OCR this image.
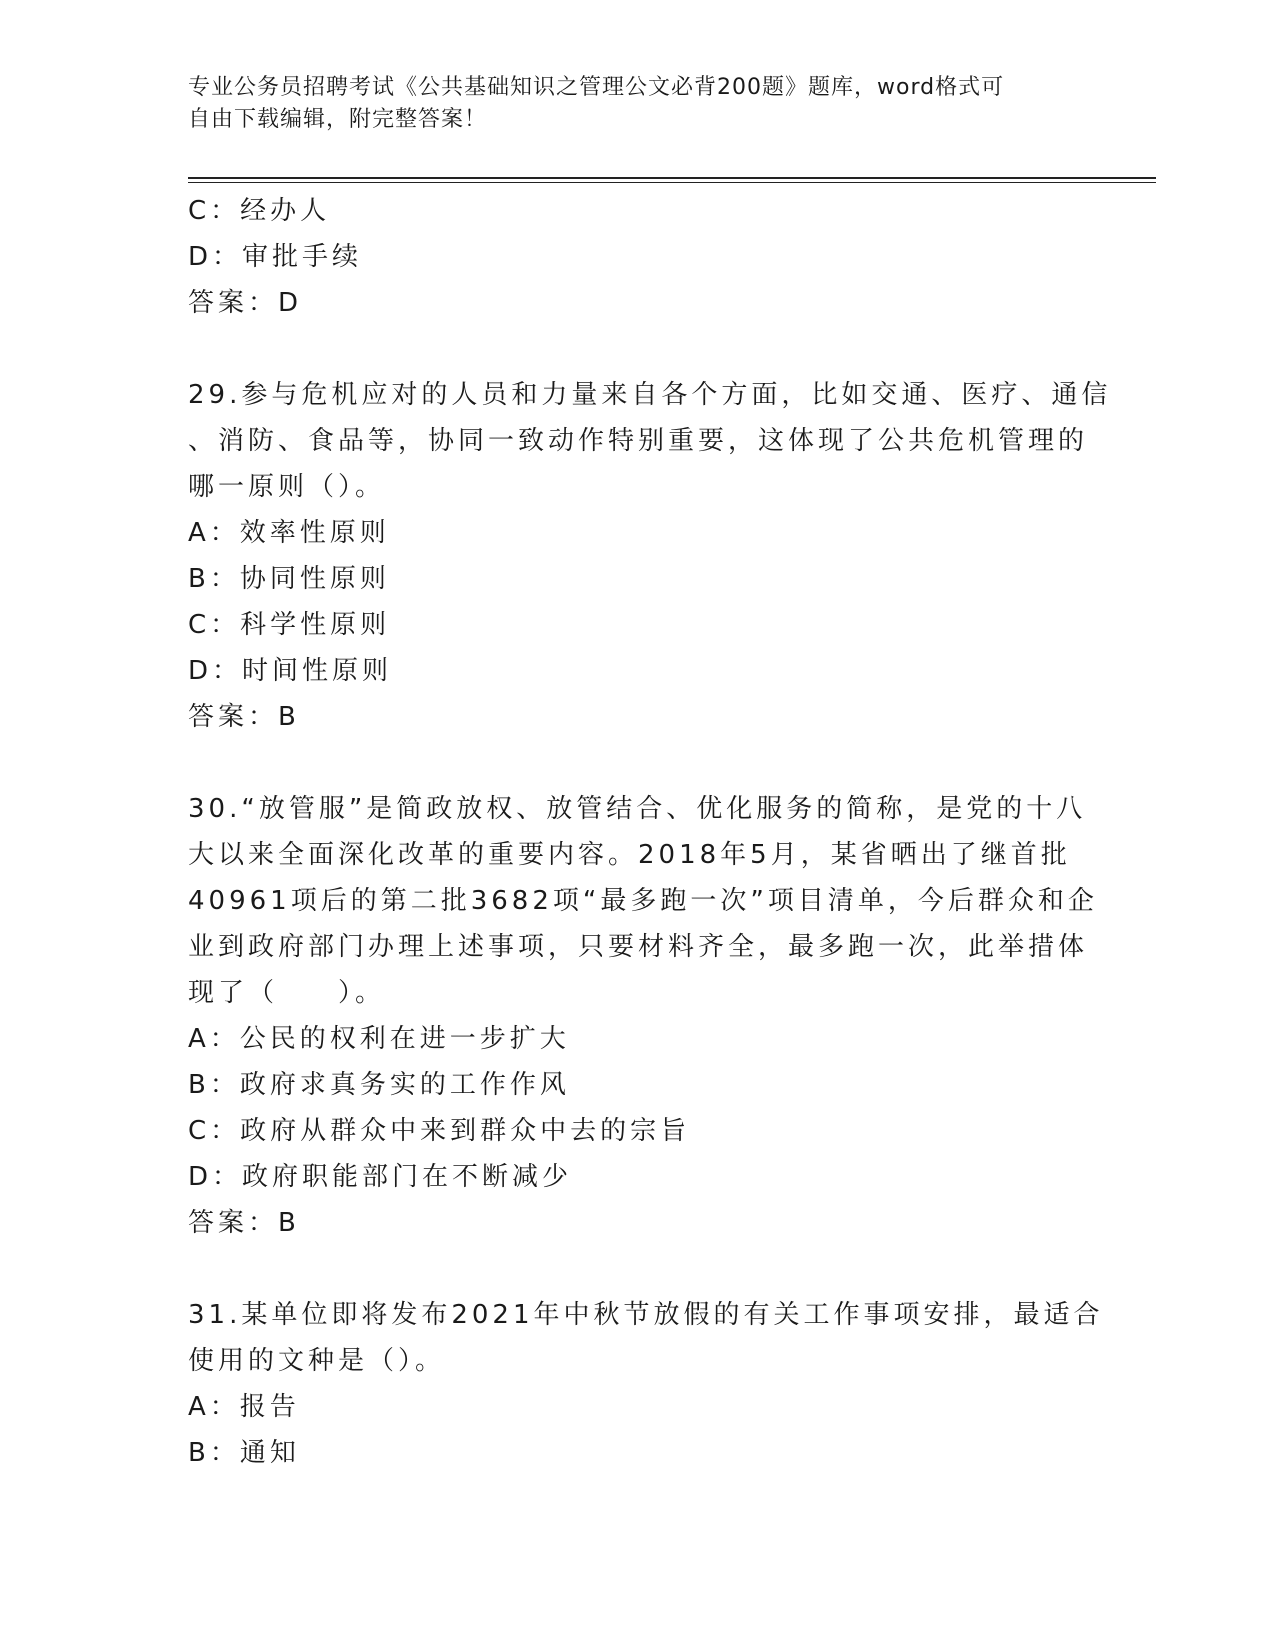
专业公务员招聘考试《公共基础知识之管理公文必背200题》题库，word格式可
自由下载编辑，附完整答案！
C：经办人
D：审批手续
答案：D
29.参与危机应对的人员和力量来自各个方面，比如交通、医疗、通信
、消防、食品等，协同一致动作特别重要，这体现了公共危机管理的
哪一原则（）。
A：效率性原则
B：协同性原则
C：科学性原则
D：时间性原则
答案：B
30.“放管服”是简政放权、放管结合、优化服务的简称，是党的十八
大以来全面深化改革的重要内容。2018年5月，某省晒出了继首批
40961项后的第二批3682项“最多跑一次”项目清单，今后群众和企
业到政府部门办理上述事项，只要材料齐全，最多跑一次，此举措体
现了（　　）。
A：公民的权利在进一步扩大
B：政府求真务实的工作作风
C：政府从群众中来到群众中去的宗旨
D：政府职能部门在不断减少
答案：B
31.某单位即将发布2021年中秋节放假的有关工作事项安排，最适合
使用的文种是（）。
A：报告
B：通知
